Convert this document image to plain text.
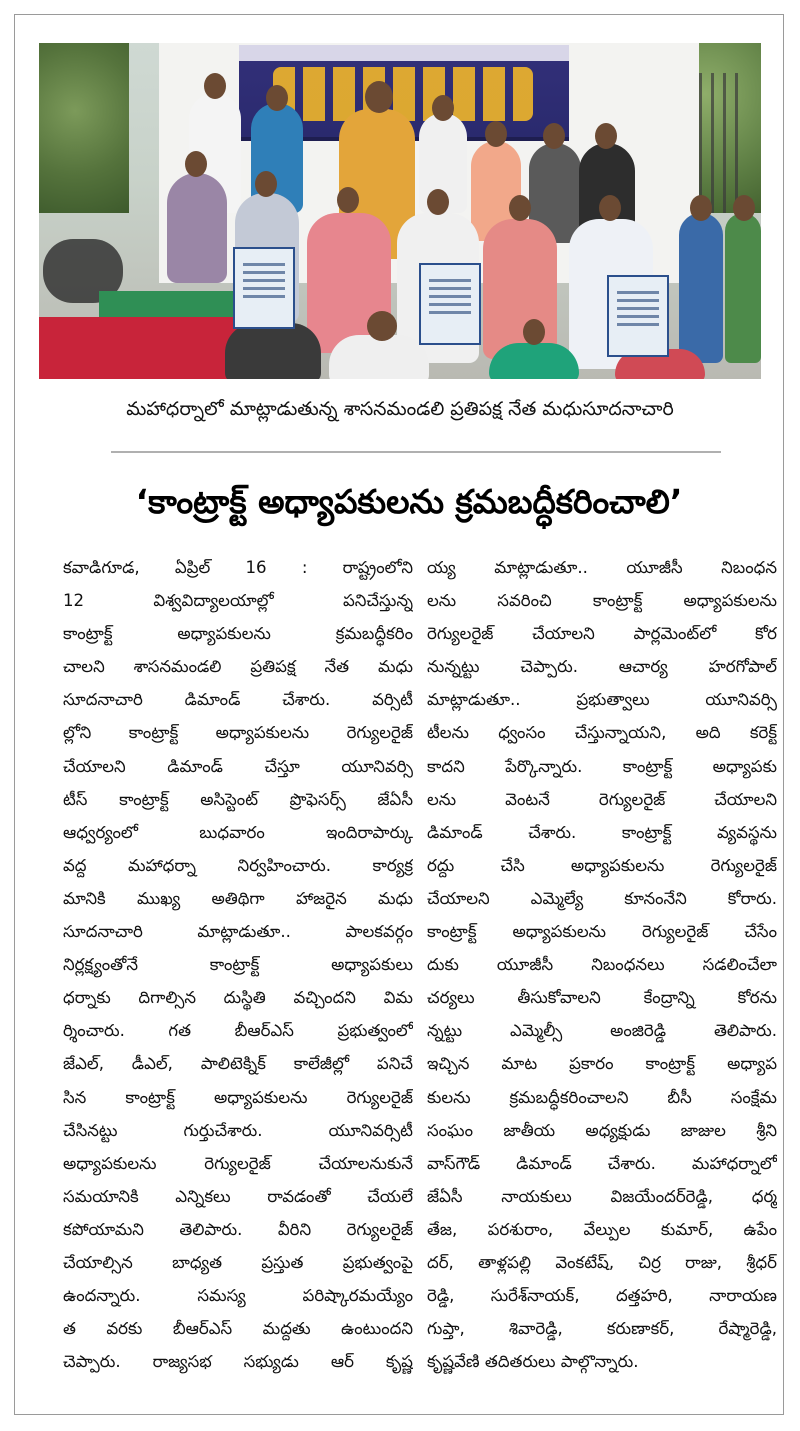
మహాధర్నాలో మాట్లాడుతున్న శాసనమండలి ప్రతిపక్ష నేత మధుసూదనాచారి
‘కాంట్రాక్ట్ అధ్యాపకులను క్రమబద్ధీకరించాలి’
కవాడిగూడ, ఏప్రిల్ 16 : రాష్ట్రంలోని
12 విశ్వవిద్యాలయాల్లో పనిచేస్తున్న
కాంట్రాక్ట్ అధ్యాపకులను క్రమబద్ధీకరిం
చాలని శాసనమండలి ప్రతిపక్ష నేత మధు
సూదనాచారి డిమాండ్ చేశారు. వర్సిటీ
ల్లోని కాంట్రాక్ట్ అధ్యాపకులను రెగ్యులరైజ్
చేయాలని డిమాండ్ చేస్తూ యూనివర్సి
టీస్ కాంట్రాక్ట్ అసిస్టెంట్ ప్రొఫెసర్స్ జేఏసీ
ఆధ్వర్యంలో బుధవారం ఇందిరాపార్కు
వద్ద మహాధర్నా నిర్వహించారు. కార్యక్ర
మానికి ముఖ్య అతిథిగా హాజరైన మధు
సూదనాచారి మాట్లాడుతూ.. పాలకవర్గం
నిర్లక్ష్యంతోనే కాంట్రాక్ట్ అధ్యాపకులు
ధర్నాకు దిగాల్సిన దుస్థితి వచ్చిందని విమ
ర్శించారు. గత బీఆర్ఎస్ ప్రభుత్వంలో
జేఎల్, డీఎల్, పాలిటెక్నిక్ కాలేజీల్లో పనిచే
సిన కాంట్రాక్ట్ అధ్యాపకులను రెగ్యులరైజ్
చేసినట్టు గుర్తుచేశారు. యూనివర్సిటీ
అధ్యాపకులను రెగ్యులరైజ్ చేయాలనుకునే
సమయానికి ఎన్నికలు రావడంతో చేయలే
కపోయామని తెలిపారు. వీరిని రెగ్యులరైజ్
చేయాల్సిన బాధ్యత ప్రస్తుత ప్రభుత్వంపై
ఉందన్నారు. సమస్య పరిష్కారమయ్యేం
త వరకు బీఆర్ఎస్ మద్దతు ఉంటుందని
చెప్పారు. రాజ్యసభ సభ్యుడు ఆర్ కృష్ణ
య్య మాట్లాడుతూ.. యూజీసీ నిబంధన
లను సవరించి కాంట్రాక్ట్ అధ్యాపకులను
రెగ్యులరైజ్ చేయాలని పార్లమెంట్‌లో కోర
నున్నట్టు చెప్పారు. ఆచార్య హరగోపాల్
మాట్లాడుతూ.. ప్రభుత్వాలు యూనివర్సి
టీలను ధ్వంసం చేస్తున్నాయని, అది కరెక్ట్
కాదని పేర్కొన్నారు. కాంట్రాక్ట్ అధ్యాపకు
లను వెంటనే రెగ్యులరైజ్ చేయాలని
డిమాండ్ చేశారు. కాంట్రాక్ట్ వ్యవస్థను
రద్దు చేసి అధ్యాపకులను రెగ్యులరైజ్
చేయాలని ఎమ్మెల్యే కూనంనేని కోరారు.
కాంట్రాక్ట్ అధ్యాపకులను రెగ్యులరైజ్ చేసేం
దుకు యూజీసీ నిబంధనలు సడలించేలా
చర్యలు తీసుకోవాలని కేంద్రాన్ని కోరను
న్నట్టు ఎమ్మెల్సీ అంజిరెడ్డి తెలిపారు.
ఇచ్చిన మాట ప్రకారం కాంట్రాక్ట్ అధ్యాప
కులను క్రమబద్ధీకరించాలని బీసీ సంక్షేమ
సంఘం జాతీయ అధ్యక్షుడు జాజుల శ్రీని
వాస్‌గౌడ్ డిమాండ్ చేశారు. మహాధర్నాలో
జేఏసీ నాయకులు విజయేందర్‌రెడ్డి, ధర్మ
తేజ, పరశురాం, వేల్పుల కుమార్, ఉపేం
దర్, తాళ్లపల్లి వెంకటేష్, చిర్ర రాజు, శ్రీధర్
రెడ్డి, సురేశ్‌నాయక్, దత్తహరి, నారాయణ
గుప్తా, శివారెడ్డి, కరుణాకర్, రేష్మారెడ్డి,
కృష్ణవేణి తదితరులు పాల్గొన్నారు.
